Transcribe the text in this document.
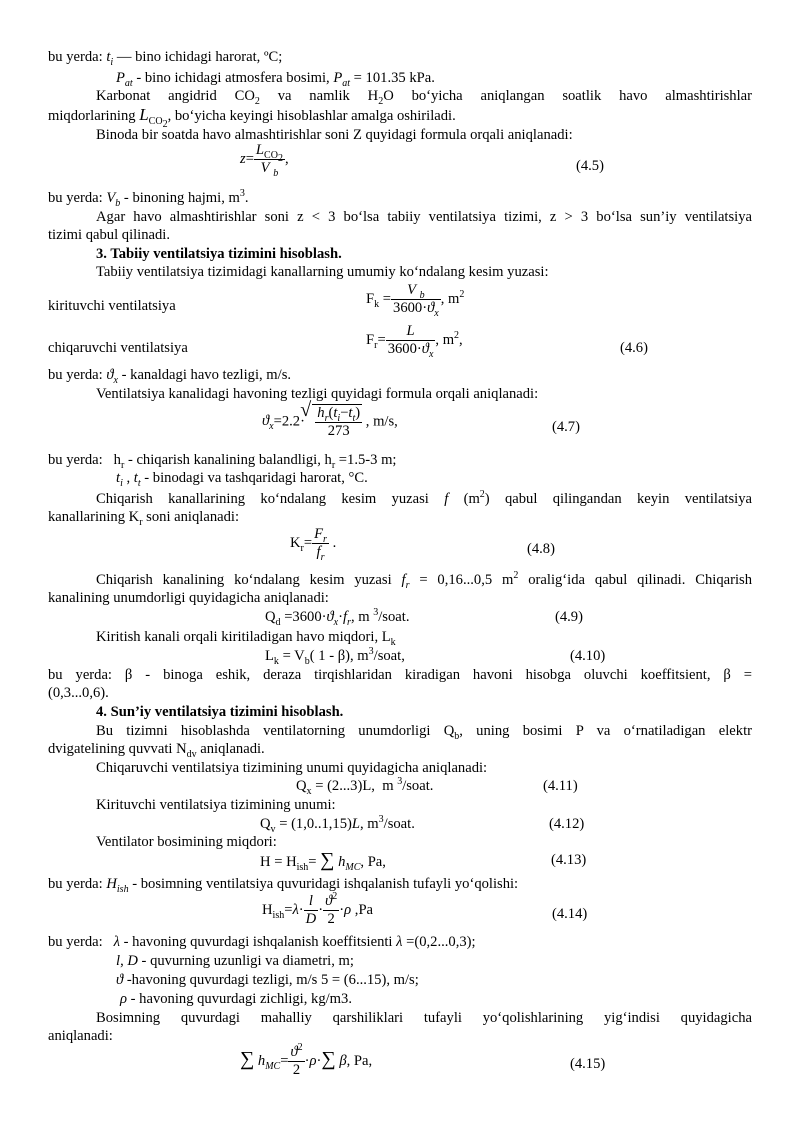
bu yerda: $t_i$ — bino ichidagi harorat, ºC;
$P_{at}$ - bino ichidagi atmosfera bosimi, $P_{at} = 101.35$ kPa.
Karbonat angidrid $CO_2$ va namlik $H_2O$ bo‘yicha aniqlangan soatlik havo almashtirishlar
miqdorlarining $L_{CO_2}$, bo‘yicha keyingi hisoblashlar amalga oshiriladi.
Binoda bir soatda havo almashtirishlar soni Z quyidagi formula orqali aniqlanadi:
$z= \frac{L_{CO_2}}{V _b}$ ,	(4.5)
bu yerda: $V_b$ - binoning hajmi, $m^3$.
Agar havo almashtirishlar soni z < 3 bo‘lsa tabiiy ventilatsiya tizimi, z > 3 bo‘lsa sun’iy ventilatsiya
tizimi qabul qilinadi.
3. Tabiiy ventilatsiya tizimini hisoblash.
Tabiiy ventilatsiya tizimidagi kanallarning umumiy ko‘ndalang kesim yuzasi:
kirituvchi ventilatsiya	$F_k = \frac{V _b}{3600\cdot ϑ_x}$ , $m^2$
chiqaruvchi ventilatsiya
$F_r= \frac{L}{3600\cdot ϑ_x}$ , $m^2$,
(4.6)
bu yerda: $ϑ_x$ - kanaldagi havo tezligi, m/s.
Ventilatsiya kanalidagi havoning tezligi quyidagi formula orqali aniqlanadi:
$ϑ_x=2.2\cdot$
√ $\frac{h_r(t_i-t_t)}{273}$ , m/s,	(4.7)
bu yerda:   $h_r$ - chiqarish kanalining balandligi, $h_r =1.5-3$ m;
$t_i$ , $t_t$ - binodagi va tashqaridagi harorat, °C.
Chiqarish kanallarining ko‘ndalang kesim yuzasi f $(m^2)$ qabul qilingandan keyin ventilatsiya
kanallarining $K_r$ soni aniqlanadi:
$K_r= \frac{F_r}{f_r}$ .	(4.8)
Chiqarish kanalining ko‘ndalang kesim yuzasi $f_r = 0,16...0,5$ $m^2$ oralig‘ida qabul qilinadi. Chiqarish
kanalining unumdorligi quyidagicha aniqlanadi:
$Q_d =3600\cdot ϑ_x\cdot f_r$, m $^3$/soat.	(4.9)
Kiritish kanali orqali kiritiladigan havo miqdori, $L_k$
$L_k = V_b$( 1 - β), $m^3$/soat,	(4.10)
bu yerda: β - binoga eshik, deraza tirqishlaridan kiradigan havoni hisobga oluvchi koeffitsient, β =
(0,3...0,6).
4. Sun’iy ventilatsiya tizimini hisoblash.
Bu tizimni hisoblashda ventilatorning unumdorligi $Q_b$, uning bosimi P va o‘rnatiladigan elektr
dvigatelining quvvati $N_{dv}$ aniqlanadi.
Chiqaruvchi ventilatsiya tizimining unumi quyidagicha aniqlanadi:
$Q_x = (2...3)L$,  m $^3$/soat.	(4.11)
Kirituvchi ventilatsiya tizimining unumi:
$Q_v = (1,0..1,15)L$, $m^3$/soat.	(4.12)
Ventilator bosimining miqdori:
$H = H_{ish}=$ ∑ $h_{MC}$, Pa,	(4.13)
bu yerda: $H_{ish}$ - bosimning ventilatsiya quvuridagi ishqalanish tufayli yo‘qolishi:
$H_{ish}=\lambda\cdot \frac{l}{D} \cdot \frac{ϑ^2}{2} \cdot\rho$ ,Pa	(4.14)
bu yerda:   λ - havoning quvurdagi ishqalanish koeffitsienti λ =(0,2...0,3);
l, D - quvurning uzunligi va diametri, m;
ϑ -havoning quvurdagi tezligi, m/s 5 = (6...15), m/s;
ρ - havoning quvurdagi zichligi, kg/m3.
Bosimning quvurdagi mahalliy qarshiliklari tufayli yo‘qolishlarining yig‘indisi quyidagicha
aniqlanadi:
∑ $h_{MC}= \frac{ϑ^2}{2} \cdot\rho\cdot\sum$ β, Pa,	(4.15)
